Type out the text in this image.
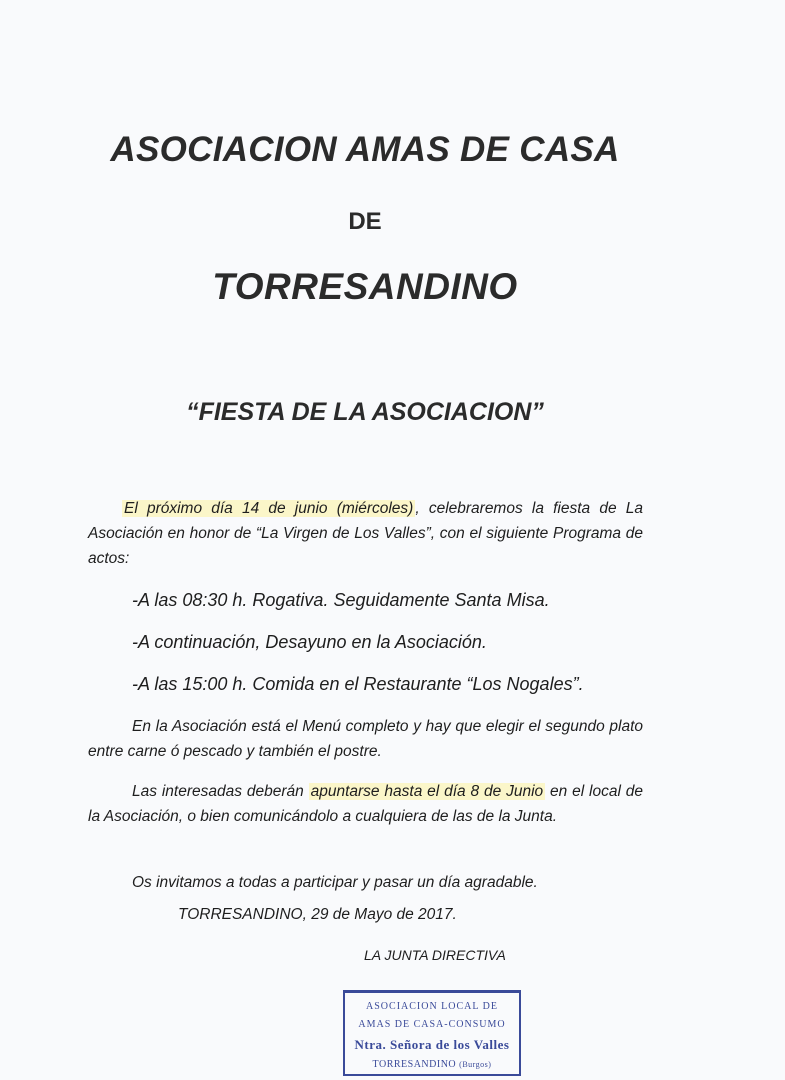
ASOCIACION AMAS DE CASA
DE
TORRESANDINO
“FIESTA DE LA ASOCIACION”
El próximo día 14 de junio (miércoles) , celebraremos la fiesta de La Asociación en honor de “La Virgen de Los Valles”, con el siguiente Programa de actos:
-A las 08:30 h. Rogativa. Seguidamente Santa Misa.
-A continuación, Desayuno en la Asociación.
-A las 15:00 h. Comida en el Restaurante “Los Nogales”.
En la Asociación está el Menú completo y hay que elegir el segundo plato entre carne ó pescado y también el postre.
Las interesadas deberán apuntarse hasta el día 8 de Junio en el local de la Asociación, o bien comunicándolo a cualquiera de las de la Junta.
Os invitamos a todas a participar y pasar un día agradable.
TORRESANDINO, 29 de Mayo de 2017.
LA JUNTA DIRECTIVA
ASOCIACION LOCAL DE
AMAS DE CASA-CONSUMO
Ntra. Señora de los Valles
TORRESANDINO (Burgos)
